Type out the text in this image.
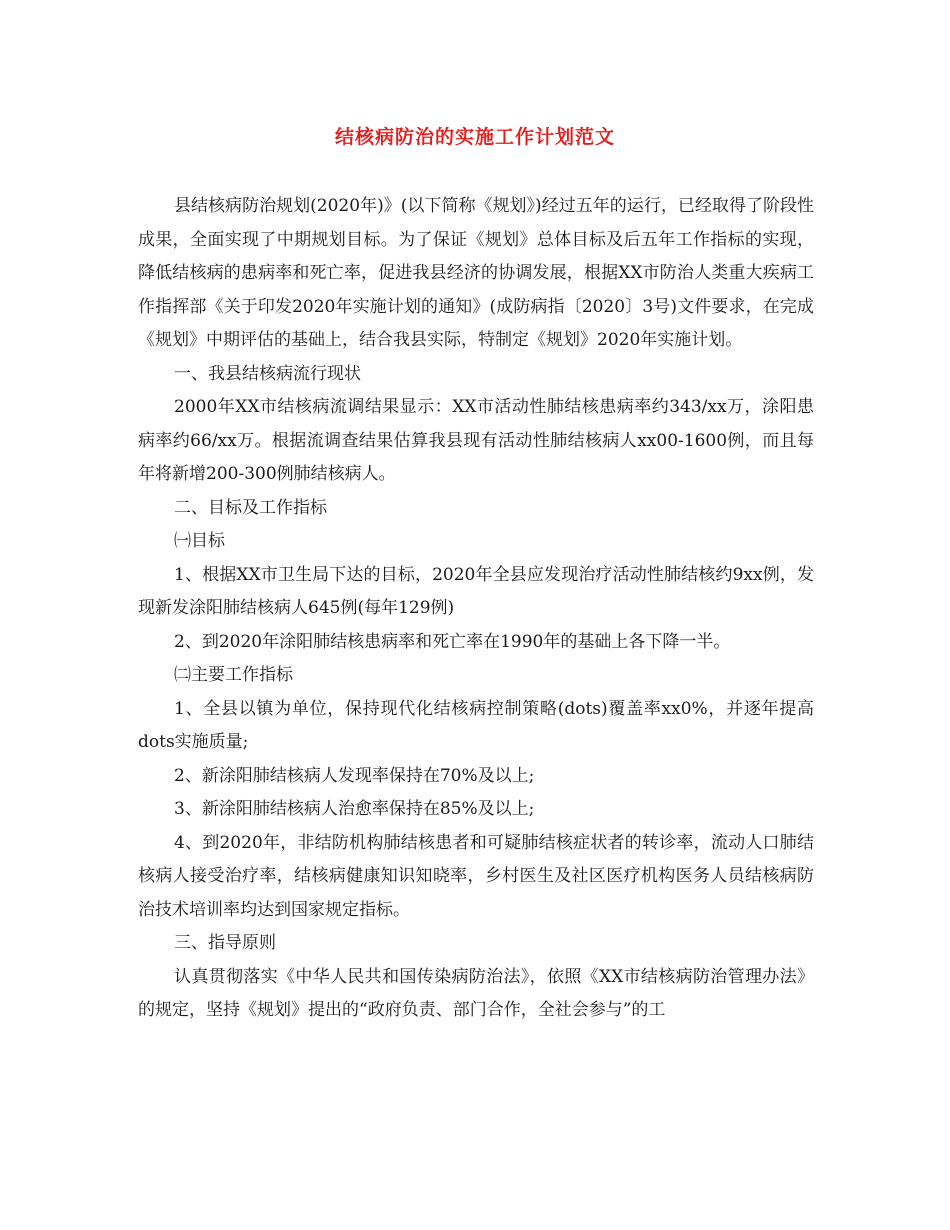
结核病防治的实施工作计划范文

县结核病防治规划(2020年)》(以下简称《规划》)经过五年的运行，已经取得了阶段性成果，全面实现了中期规划目标。为了保证《规划》总体目标及后五年工作指标的实现，降低结核病的患病率和死亡率，促进我县经济的协调发展，根据XX市防治人类重大疾病工作指挥部《关于印发2020年实施计划的通知》(成防病指〔2020〕3号)文件要求，在完成《规划》中期评估的基础上，结合我县实际，特制定《规划》2020年实施计划。

一、我县结核病流行现状

2000年XX市结核病流调结果显示：XX市活动性肺结核患病率约343/xx万，涂阳患病率约66/xx万。根据流调查结果估算我县现有活动性肺结核病人xx00-1600例，而且每年将新增200-300例肺结核病人。

二、目标及工作指标

㈠目标

1、根据XX市卫生局下达的目标，2020年全县应发现治疗活动性肺结核约9xx例，发现新发涂阳肺结核病人645例(每年129例)

2、到2020年涂阳肺结核患病率和死亡率在1990年的基础上各下降一半。

㈡主要工作指标

1、全县以镇为单位，保持现代化结核病控制策略(dots)覆盖率xx0%，并逐年提高dots实施质量;

2、新涂阳肺结核病人发现率保持在70%及以上;

3、新涂阳肺结核病人治愈率保持在85%及以上;

4、到2020年，非结防机构肺结核患者和可疑肺结核症状者的转诊率，流动人口肺结核病人接受治疗率，结核病健康知识知晓率，乡村医生及社区医疗机构医务人员结核病防治技术培训率均达到国家规定指标。

三、指导原则

认真贯彻落实《中华人民共和国传染病防治法》，依照《XX市结核病防治管理办法》的规定，坚持《规划》提出的“政府负责、部门合作，全社会参与”的工
